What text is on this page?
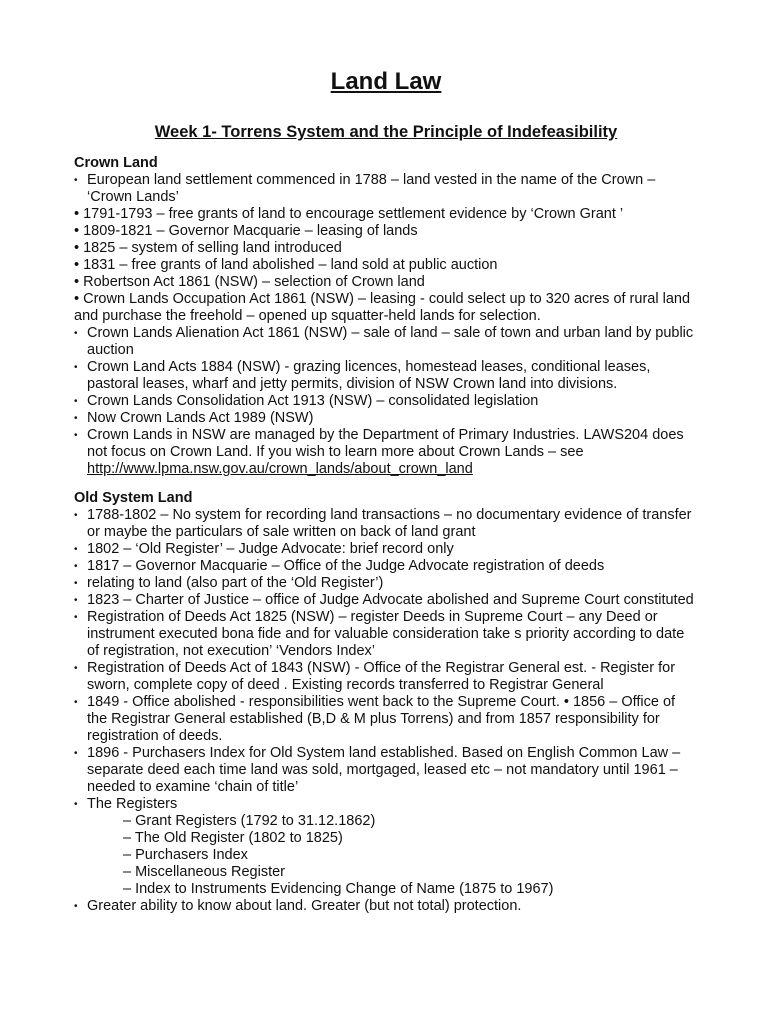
Land Law
Week 1- Torrens System and the Principle of Indefeasibility
Crown Land
• European land settlement commenced in 1788 – land vested in the name of the Crown – ‘Crown Lands’
• 1791-1793 – free grants of land to encourage settlement evidence by ‘Crown Grant ’
• 1809-1821 – Governor Macquarie – leasing of lands
• 1825 – system of selling land introduced
• 1831 – free grants of land abolished – land sold at public auction
• Robertson Act 1861 (NSW) – selection of Crown land
• Crown Lands Occupation Act 1861 (NSW) – leasing - could select up to 320 acres of rural land and purchase the freehold – opened up squatter-held lands for selection.
• Crown Lands Alienation Act 1861 (NSW) – sale of land – sale of town and urban land by public auction
• Crown Land Acts 1884 (NSW) - grazing licences, homestead leases, conditional leases, pastoral leases, wharf and jetty permits, division of NSW Crown land into divisions.
• Crown Lands Consolidation Act 1913 (NSW) – consolidated legislation
• Now Crown Lands Act 1989 (NSW)
• Crown Lands in NSW are managed by the Department of Primary Industries. LAWS204 does not focus on Crown Land. If you wish to learn more about Crown Lands – see
http://www.lpma.nsw.gov.au/crown_lands/about_crown_land
Old System Land
• 1788-1802 – No system for recording land transactions – no documentary evidence of transfer or maybe the particulars of sale written on back of land grant
• 1802 – ‘Old Register’ – Judge Advocate: brief record only
• 1817 – Governor Macquarie – Office of the Judge Advocate registration of deeds
• relating to land (also part of the ‘Old Register’)
• 1823 – Charter of Justice – office of Judge Advocate abolished and Supreme Court constituted
• Registration of Deeds Act 1825 (NSW) – register Deeds in Supreme Court – any Deed or instrument executed bona fide and for valuable consideration take s priority according to date of registration, not execution’ ‘Vendors Index’
• Registration of Deeds Act of 1843 (NSW) - Office of the Registrar General est. - Register for sworn, complete copy of deed . Existing records transferred to Registrar General
• 1849 - Office abolished - responsibilities went back to the Supreme Court. • 1856 – Office of the Registrar General established (B,D & M plus Torrens) and from 1857 responsibility for registration of deeds.
• 1896 - Purchasers Index for Old System land established. Based on English Common Law – separate deed each time land was sold, mortgaged, leased etc – not mandatory until 1961 – needed to examine ‘chain of title’
• The Registers
– Grant Registers (1792 to 31.12.1862)
– The Old Register (1802 to 1825)
– Purchasers Index
– Miscellaneous Register
– Index to Instruments Evidencing Change of Name (1875 to 1967)
• Greater ability to know about land. Greater (but not total) protection.
